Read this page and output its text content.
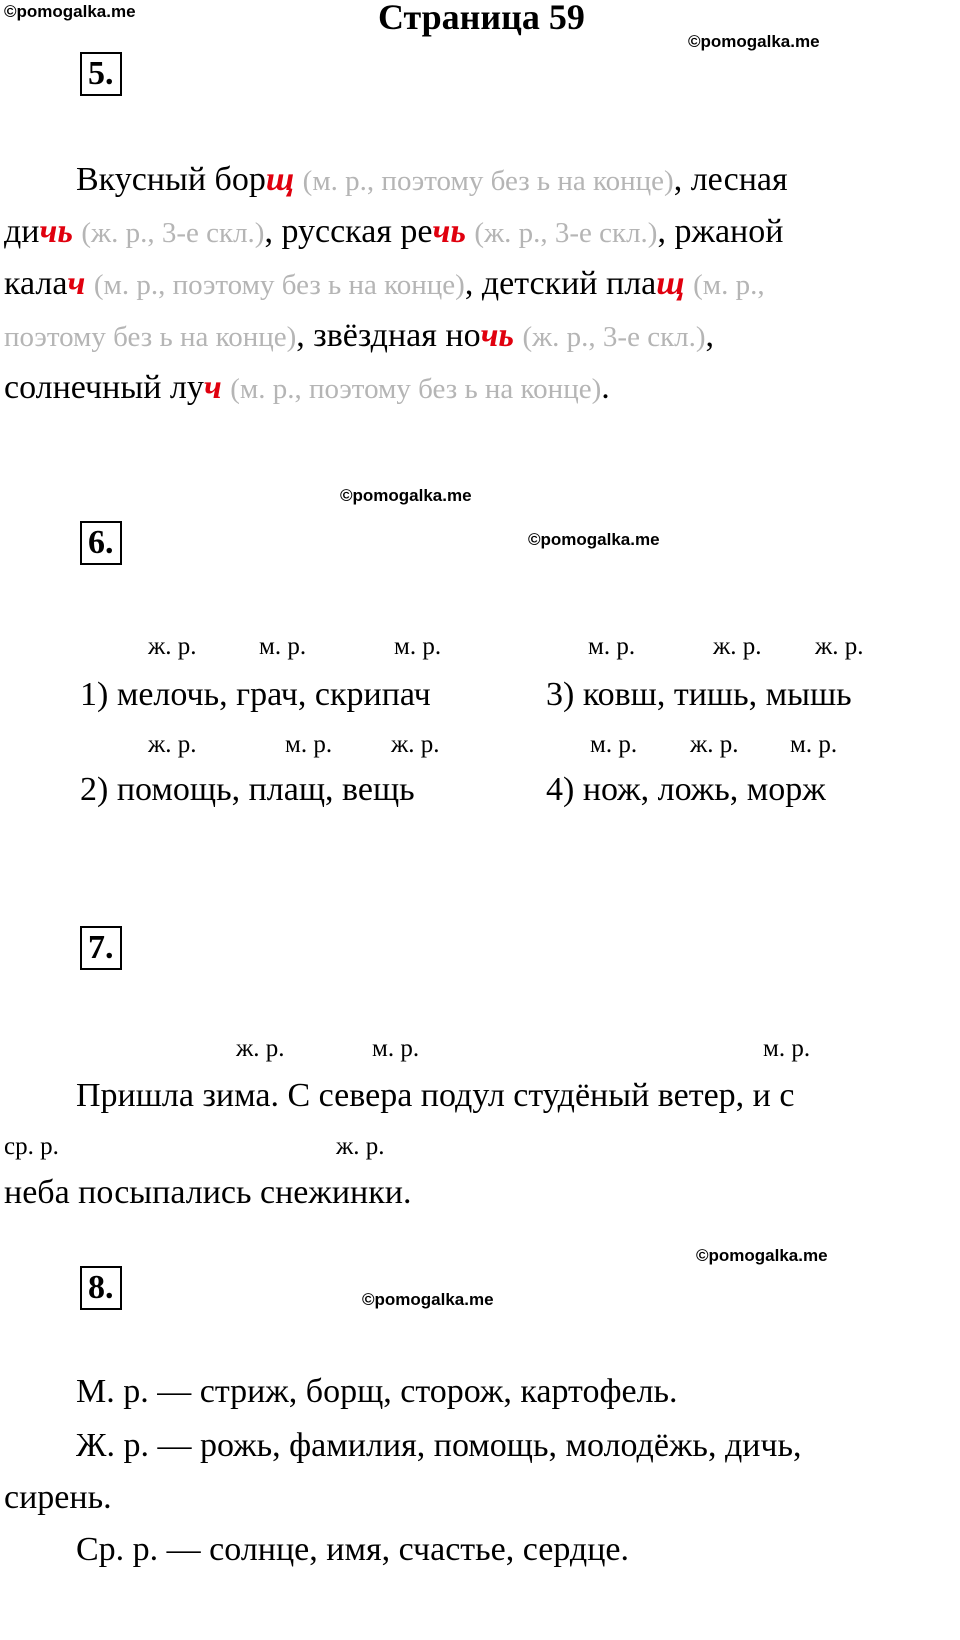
©pomogalka.me	Страница 59
©pomogalka.me
5.
Вкусный борщ (м. р., поэтому без ь на конце), лесная
дичь (ж. р., 3-е скл.), русская речь (ж. р., 3-е скл.), ржаной
калач (м. р., поэтому без ь на конце), детский плащ (м. р.,
поэтому без ь на конце), звёздная ночь (ж. р., 3-е скл.),
солнечный луч (м. р., поэтому без ь на конце).
©pomogalka.me
6.	©pomogalka.me
ж. р. м. р.	м. р.	м. р.	ж. р. ж. р.
1) мелочь, грач, скрипач	3) ковш, тишь, мышь
ж. р.	м. р. ж. р.	м. р. ж. р. м. р.
2) помощь, плащ, вещь	4) нож, ложь, морж
7.
ж. р.	м. р.	м. р.
Пришла зима. С севера подул студёный ветер, и с
ср. р.	ж. р.
неба посыпались снежинки.
©pomogalka.me
8.	©pomogalka.me
М. р. — стриж, борщ, сторож, картофель.
Ж. р. — рожь, фамилия, помощь, молодёжь, дичь,
сирень.
Ср. р. — солнце, имя, счастье, сердце.
